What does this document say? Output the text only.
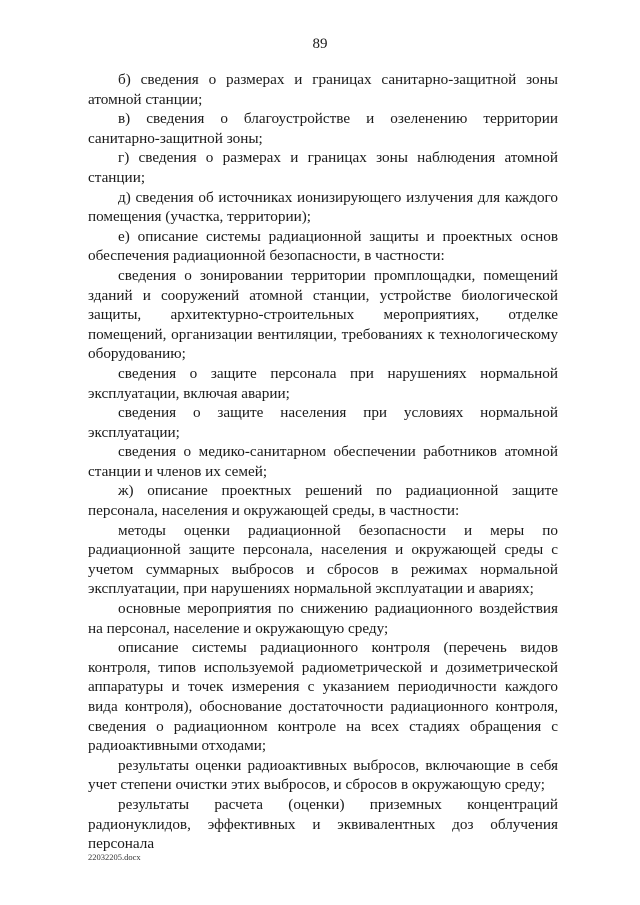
89

б) сведения о размерах и границах санитарно-защитной зоны атомной станции;

в) сведения о благоустройстве и озеленению территории санитарно-защитной зоны;

г) сведения о размерах и границах зоны наблюдения атомной станции;

д) сведения об источниках ионизирующего излучения для каждого помещения (участка, территории);

е) описание системы радиационной защиты и проектных основ обеспечения радиационной безопасности, в частности:

сведения о зонировании территории промплощадки, помещений зданий и сооружений атомной станции, устройстве биологической защиты, архитектурно-строительных мероприятиях, отделке помещений, организации вентиляции, требованиях к технологическому оборудованию;

сведения о защите персонала при нарушениях нормальной эксплуатации, включая аварии;

сведения о защите населения при условиях нормальной эксплуатации;

сведения о медико-санитарном обеспечении работников атомной станции и членов их семей;

ж) описание проектных решений по радиационной защите персонала, населения и окружающей среды, в частности:

методы оценки радиационной безопасности и меры по радиационной защите персонала, населения и окружающей среды с учетом суммарных выбросов и сбросов в режимах нормальной эксплуатации, при нарушениях нормальной эксплуатации и авариях;

основные мероприятия по снижению радиационного воздействия на персонал, население и окружающую среду;

описание системы радиационного контроля (перечень видов контроля, типов используемой радиометрической и дозиметрической аппаратуры и точек измерения с указанием периодичности каждого вида контроля), обоснование достаточности радиационного контроля, сведения о радиационном контроле на всех стадиях обращения с радиоактивными отходами;

результаты оценки радиоактивных выбросов, включающие в себя учет степени очистки этих выбросов, и сбросов в окружающую среду;

результаты расчета (оценки) приземных концентраций радионуклидов, эффективных и эквивалентных доз облучения персонала

22032205.docx
